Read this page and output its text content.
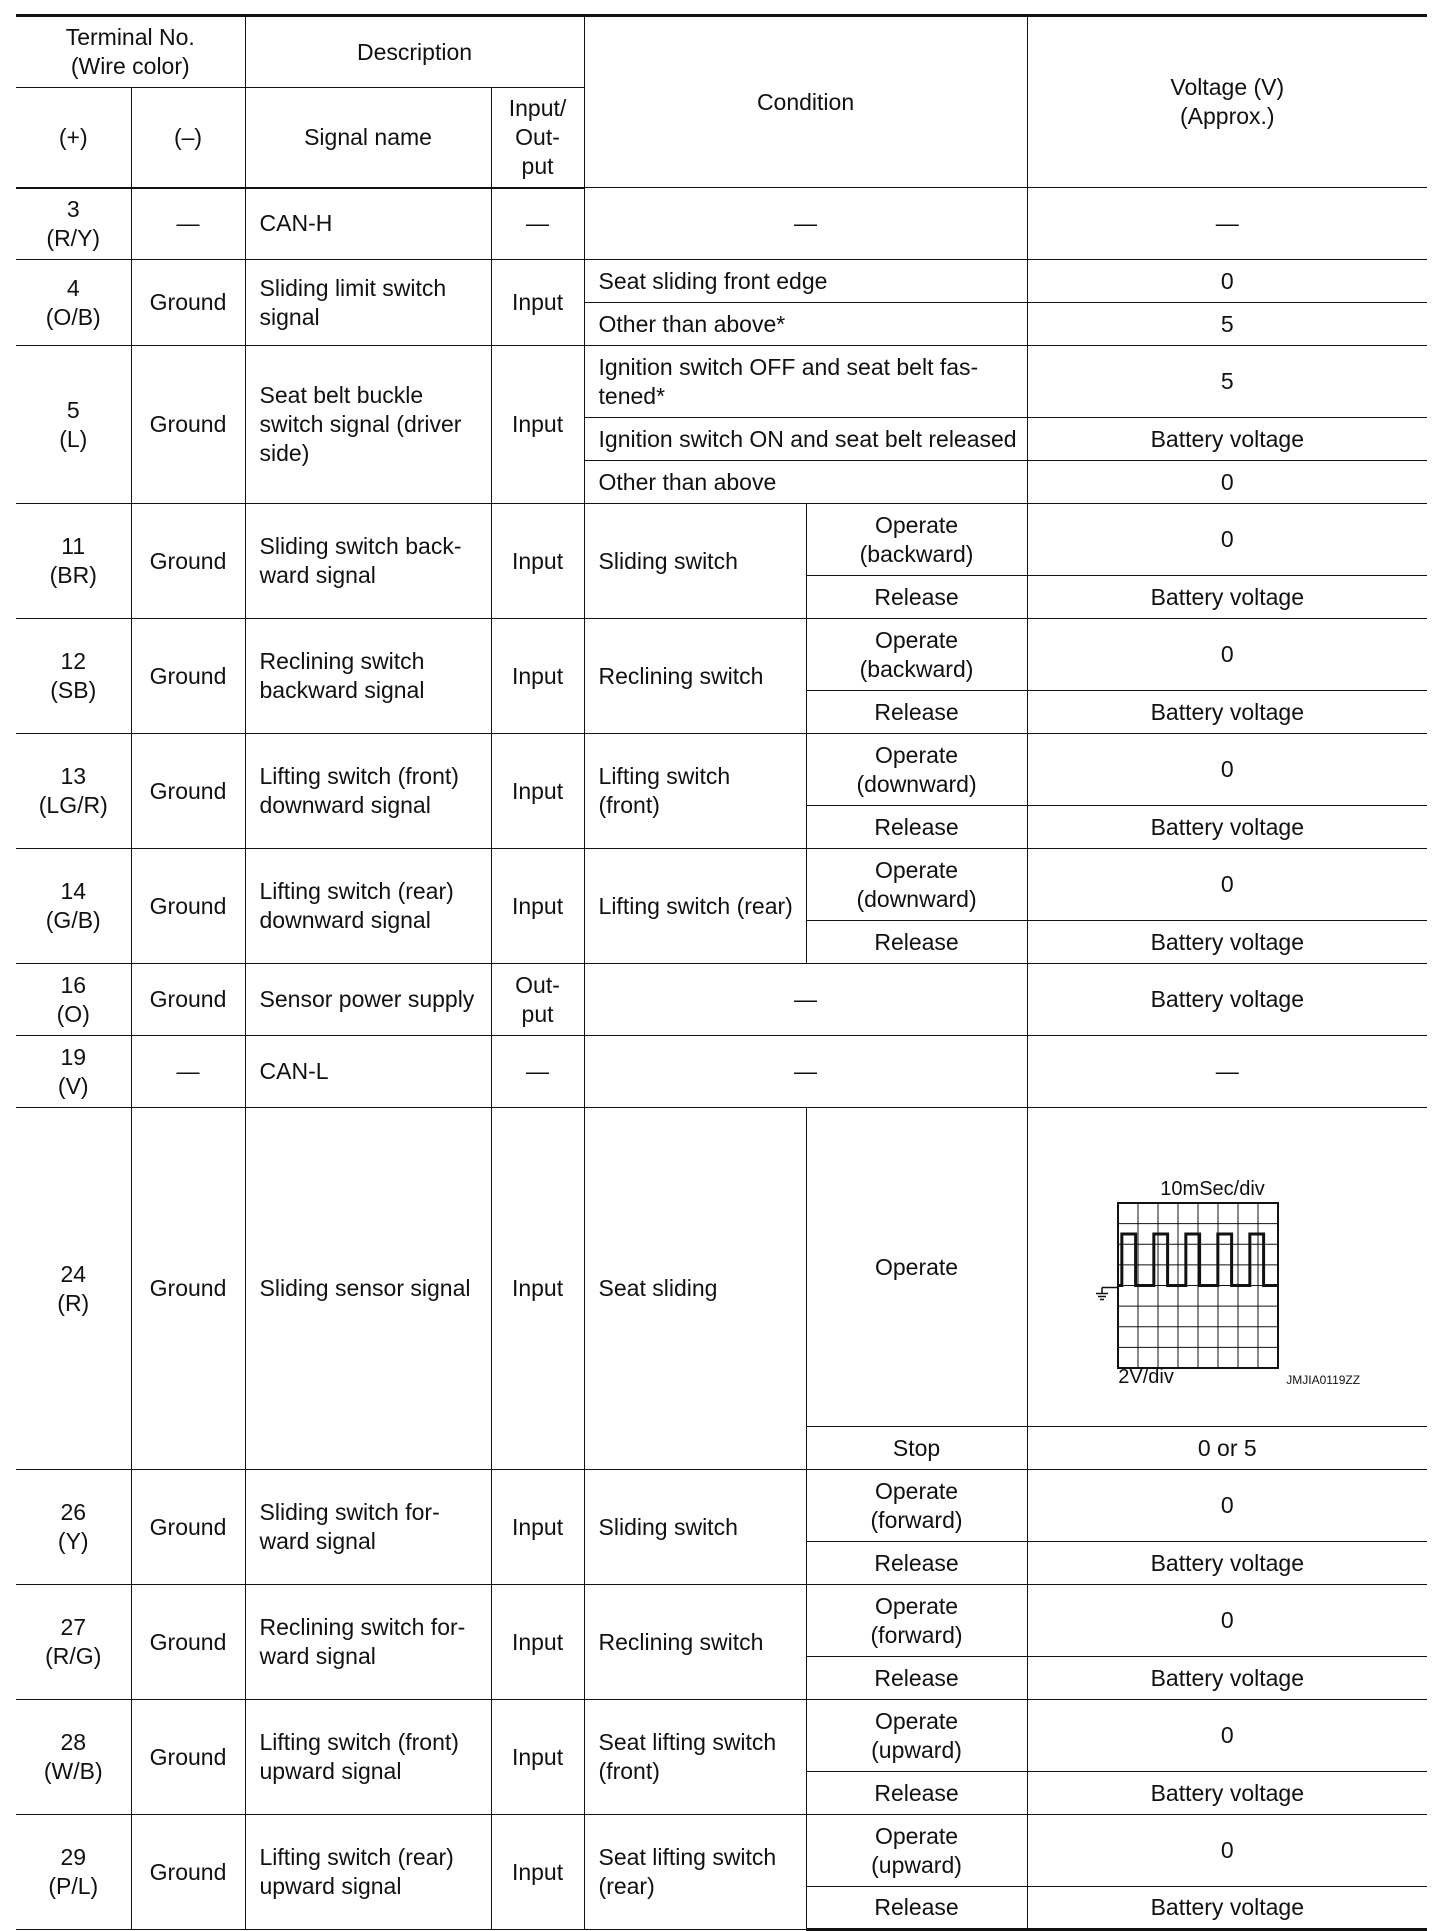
Terminal No.
(Wire color)		Description		Condition		Voltage (V)
(Approx.)
(+)	(–)	Signal name	Input/
Out-
put			
3
(R/Y)	—	CAN-H	—	—		—
4
(O/B)	Ground	Sliding limit switch
signal	Input	Seat sliding front edge		0
				Other than above*		5
5
(L)	Ground	Seat belt buckle
switch signal (driver
side)	Input	Ignition switch OFF and seat belt fas-
tened*		5
				Ignition switch ON and seat belt released		Battery voltage
				Other than above		0
11
(BR)	Ground	Sliding switch back-
ward signal	Input	Sliding switch	Operate
(backward)	0
					Release	Battery voltage
12
(SB)	Ground	Reclining switch
backward signal	Input	Reclining switch	Operate
(backward)	0
					Release	Battery voltage
13
(LG/R)	Ground	Lifting switch (front)
downward signal	Input	Lifting switch
(front)	Operate
(downward)	0
					Release	Battery voltage
14
(G/B)	Ground	Lifting switch (rear)
downward signal	Input	Lifting switch (rear)	Operate
(downward)	0
					Release	Battery voltage
16
(O)	Ground	Sensor power supply	Out-
put	—		Battery voltage
19
(V)	—	CAN-L	—	—		—
24
(R)	Ground	Sliding sensor signal	Input	Seat sliding	Operate	10mSec/div

2V/div JMJIA0119ZZ

					Stop	0 or 5
26
(Y)	Ground	Sliding switch for-
ward signal	Input	Sliding switch	Operate
(forward)	0
					Release	Battery voltage
27
(R/G)	Ground	Reclining switch for-
ward signal	Input	Reclining switch	Operate
(forward)	0
					Release	Battery voltage
28
(W/B)	Ground	Lifting switch (front)
upward signal	Input	Seat lifting switch
(front)	Operate
(upward)	0
					Release	Battery voltage
29
(P/L)	Ground	Lifting switch (rear)
upward signal	Input	Seat lifting switch
(rear)	Operate
(upward)	0
					Release	Battery voltage
